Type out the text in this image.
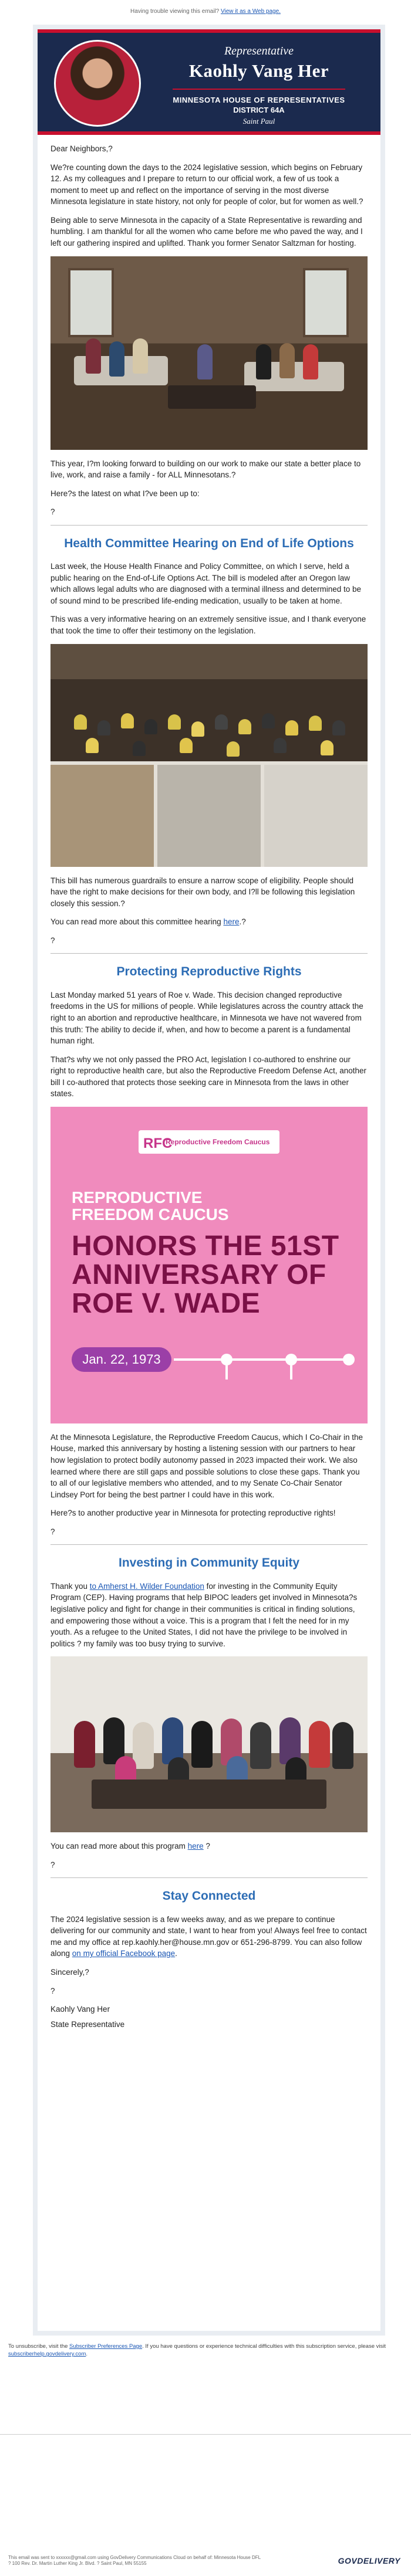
Having trouble viewing this email? View it as a Web page.
Representative
Kaohly Vang Her
MINNESOTA HOUSE OF REPRESENTATIVES
DISTRICT 64A
Saint Paul

Dear Neighbors,?

We?re counting down the days to the 2024 legislative session, which begins on February 12. As my colleagues and I prepare to return to our official work, a few of us took a moment to meet up and reflect on the importance of serving in the most diverse Minnesota legislature in state history, not only for people of color, but for women as well.?

Being able to serve Minnesota in the capacity of a State Representative is rewarding and humbling. I am thankful for all the women who came before me who paved the way, and I left our gathering inspired and uplifted. Thank you former Senator Saltzman for hosting.

This year, I?m looking forward to building on our work to make our state a better place to live, work, and raise a family - for ALL Minnesotans.?

Here?s the latest on what I?ve been up to:

?

Health Committee Hearing on End of Life Options

Last week, the House Health Finance and Policy Committee, on which I serve, held a public hearing on the End-of-Life Options Act. The bill is modeled after an Oregon law which allows legal adults who are diagnosed with a terminal illness and determined to be of sound mind to be prescribed life-ending medication, usually to be taken at home.

This was a very informative hearing on an extremely sensitive issue, and I thank everyone that took the time to offer their testimony on the legislation.

This bill has numerous guardrails to ensure a narrow scope of eligibility. People should have the right to make decisions for their own body, and I?ll be following this legislation closely this session.?

You can read more about this committee hearing here.?

?

Protecting Reproductive Rights

Last Monday marked 51 years of Roe v. Wade. This decision changed reproductive freedoms in the US for millions of people. While legislatures across the country attack the right to an abortion and reproductive healthcare, in Minnesota we have not wavered from this truth: The ability to decide if, when, and how to become a parent is a fundamental human right.

That?s why we not only passed the PRO Act, legislation I co-authored to enshrine our right to reproductive health care, but also the Reproductive Freedom Defense Act, another bill I co-authored that protects those seeking care in Minnesota from the laws in other states.

RFC
Reproductive Freedom Caucus
REPRODUCTIVE
FREEDOM CAUCUS
HONORS THE 51ST
ANNIVERSARY OF
ROE V. WADE
Jan. 22, 1973

At the Minnesota Legislature, the Reproductive Freedom Caucus, which I Co-Chair in the House, marked this anniversary by hosting a listening session with our partners to hear how legislation to protect bodily autonomy passed in 2023 impacted their work. We also learned where there are still gaps and possible solutions to close these gaps. Thank you to all of our legislative members who attended, and to my Senate Co-Chair Senator Lindsey Port for being the best partner I could have in this work.

Here?s to another productive year in Minnesota for protecting reproductive rights!

?

Investing in Community Equity

Thank you to Amherst H. Wilder Foundation for investing in the Community Equity Program (CEP). Having programs that help BIPOC leaders get involved in Minnesota?s legislative policy and fight for change in their communities is critical in finding solutions, and empowering those without a voice. This is a program that I felt the need for in my youth. As a refugee to the United States, I did not have the privilege to be involved in politics ? my family was too busy trying to survive.

You can read more about this program here ?

?

Stay Connected

The 2024 legislative session is a few weeks away, and as we prepare to continue delivering for our community and state, I want to hear from you! Always feel free to contact me and my office at rep.kaohly.her@house.mn.gov or 651-296-8799. You can also follow along on my official Facebook page.

Sincerely,?

?

Kaohly Vang Her

State Representative

To unsubscribe, visit the Subscriber Preferences Page. If you have questions or experience technical difficulties with this subscription service, please visit subscriberhelp.govdelivery.com.
This email was sent to xxxxxx@gmail.com using GovDelivery Communications Cloud on behalf of: Minnesota House DFL ? 100 Rev. Dr. Martin Luther King Jr. Blvd. ? Saint Paul, MN 55155	GOVDELIVERY
